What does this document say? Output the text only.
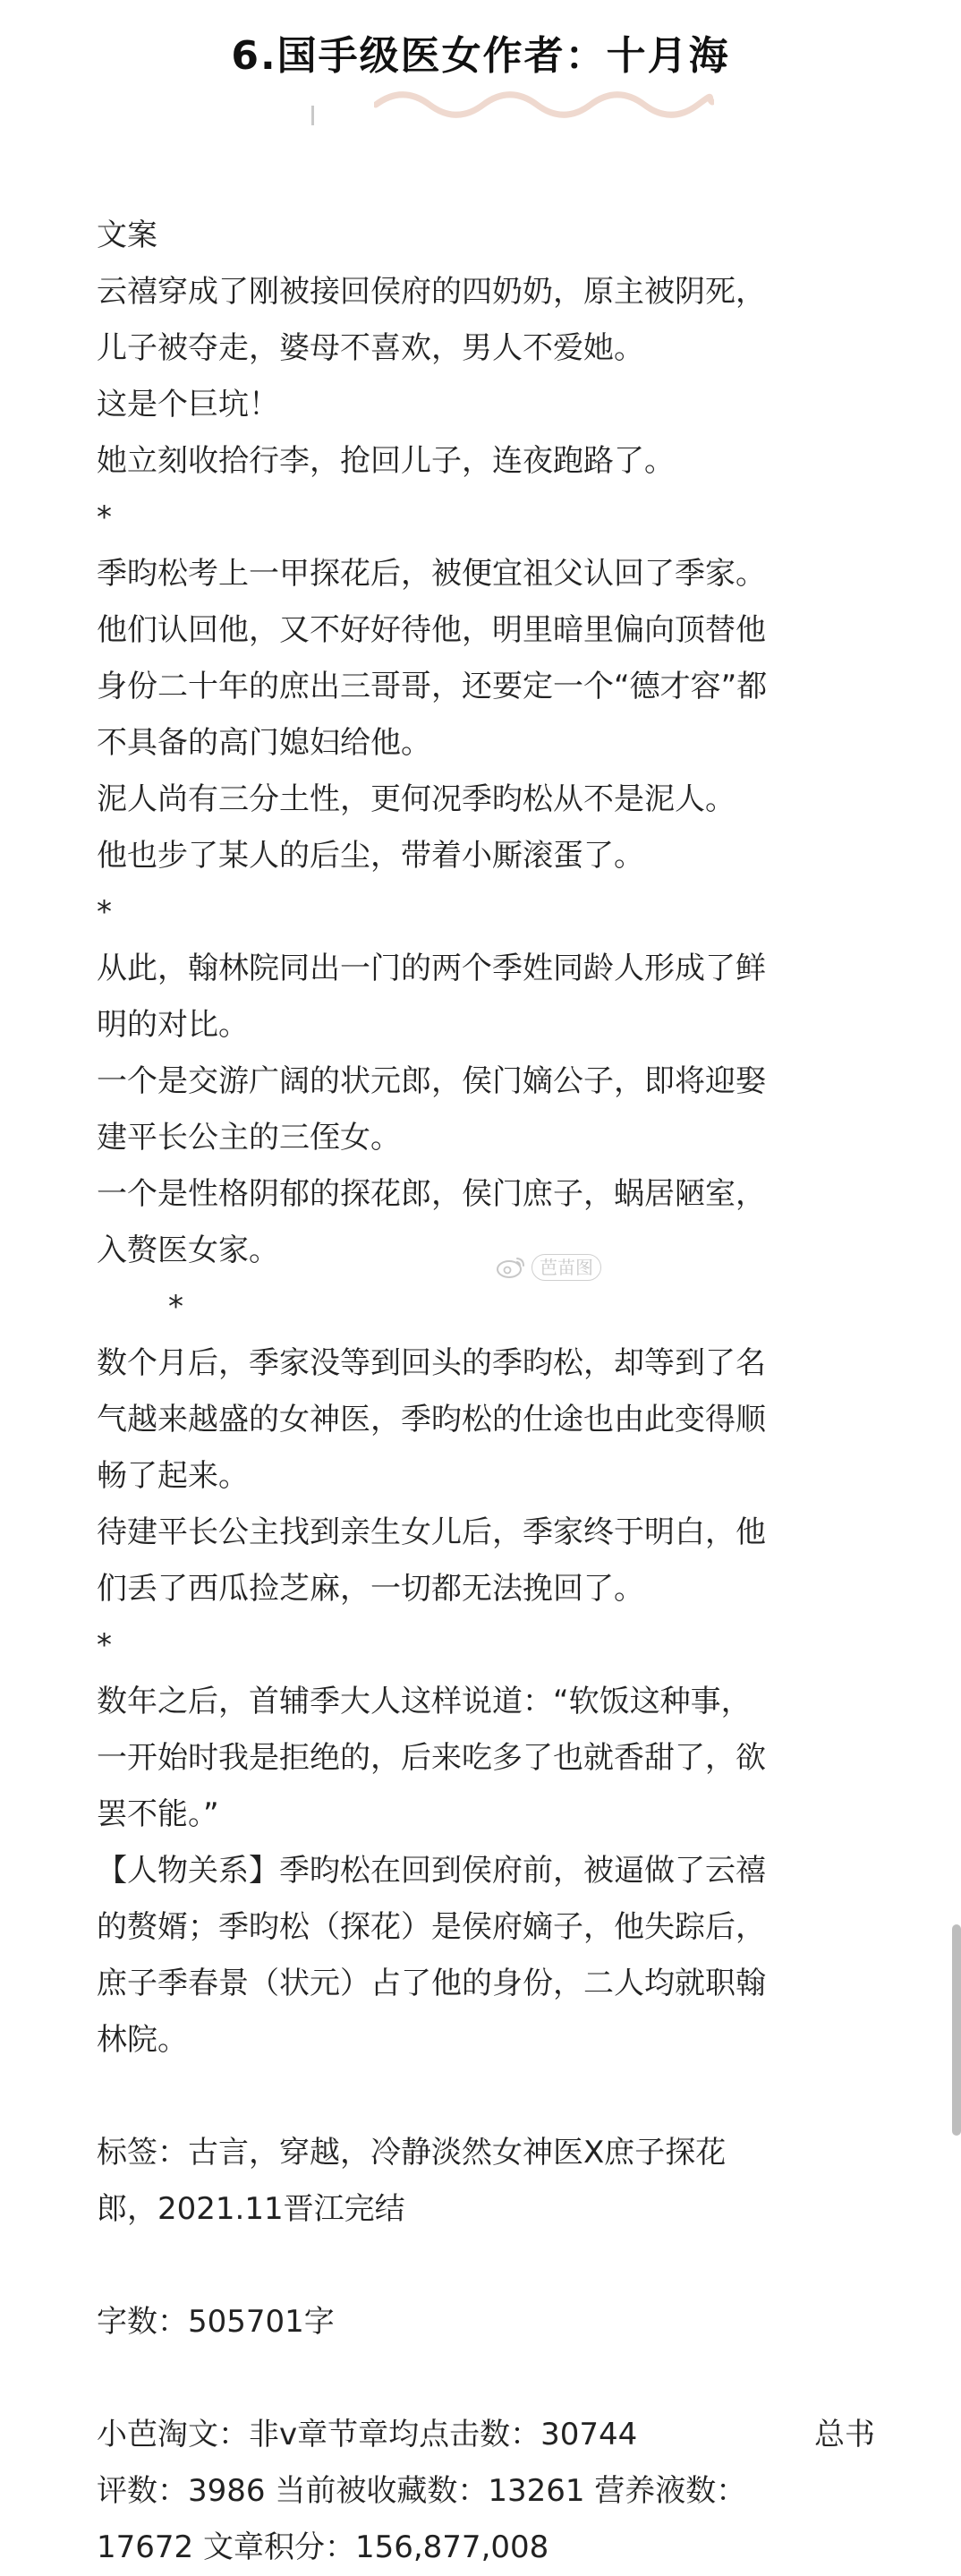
6.国手级医女作者：十月海
文案
云禧穿成了刚被接回侯府的四奶奶，原主被阴死，
儿子被夺走，婆母不喜欢，男人不爱她。
这是个巨坑！
她立刻收拾行李，抢回儿子，连夜跑路了。
*
季昀松考上一甲探花后，被便宜祖父认回了季家。
他们认回他，又不好好待他，明里暗里偏向顶替他
身份二十年的庶出三哥哥，还要定一个“德才容”都
不具备的高门媳妇给他。
泥人尚有三分土性，更何况季昀松从不是泥人。
他也步了某人的后尘，带着小厮滚蛋了。
*
从此，翰林院同出一门的两个季姓同龄人形成了鲜
明的对比。
一个是交游广阔的状元郎，侯门嫡公子，即将迎娶
建平长公主的三侄女。
一个是性格阴郁的探花郎，侯门庶子，蜗居陋室，
入赘医女家。
*
数个月后，季家没等到回头的季昀松，却等到了名
气越来越盛的女神医，季昀松的仕途也由此变得顺
畅了起来。
待建平长公主找到亲生女儿后，季家终于明白，他
们丢了西瓜捡芝麻，一切都无法挽回了。
*
数年之后，首辅季大人这样说道：“软饭这种事，
一开始时我是拒绝的，后来吃多了也就香甜了，欲
罢不能。”
【人物关系】季昀松在回到侯府前，被逼做了云禧
的赘婿；季昀松（探花）是侯府嫡子，他失踪后，
庶子季春景（状元）占了他的身份，二人均就职翰
林院。
标签：古言，穿越，冷静淡然女神医X庶子探花
郎，2021.11晋江完结
字数：505701字
小芭淘文：非v章节章均点击数：30744	总书
评数：3986 当前被收藏数：13261 营养液数：
17672 文章积分：156,877,008
芭苗图
